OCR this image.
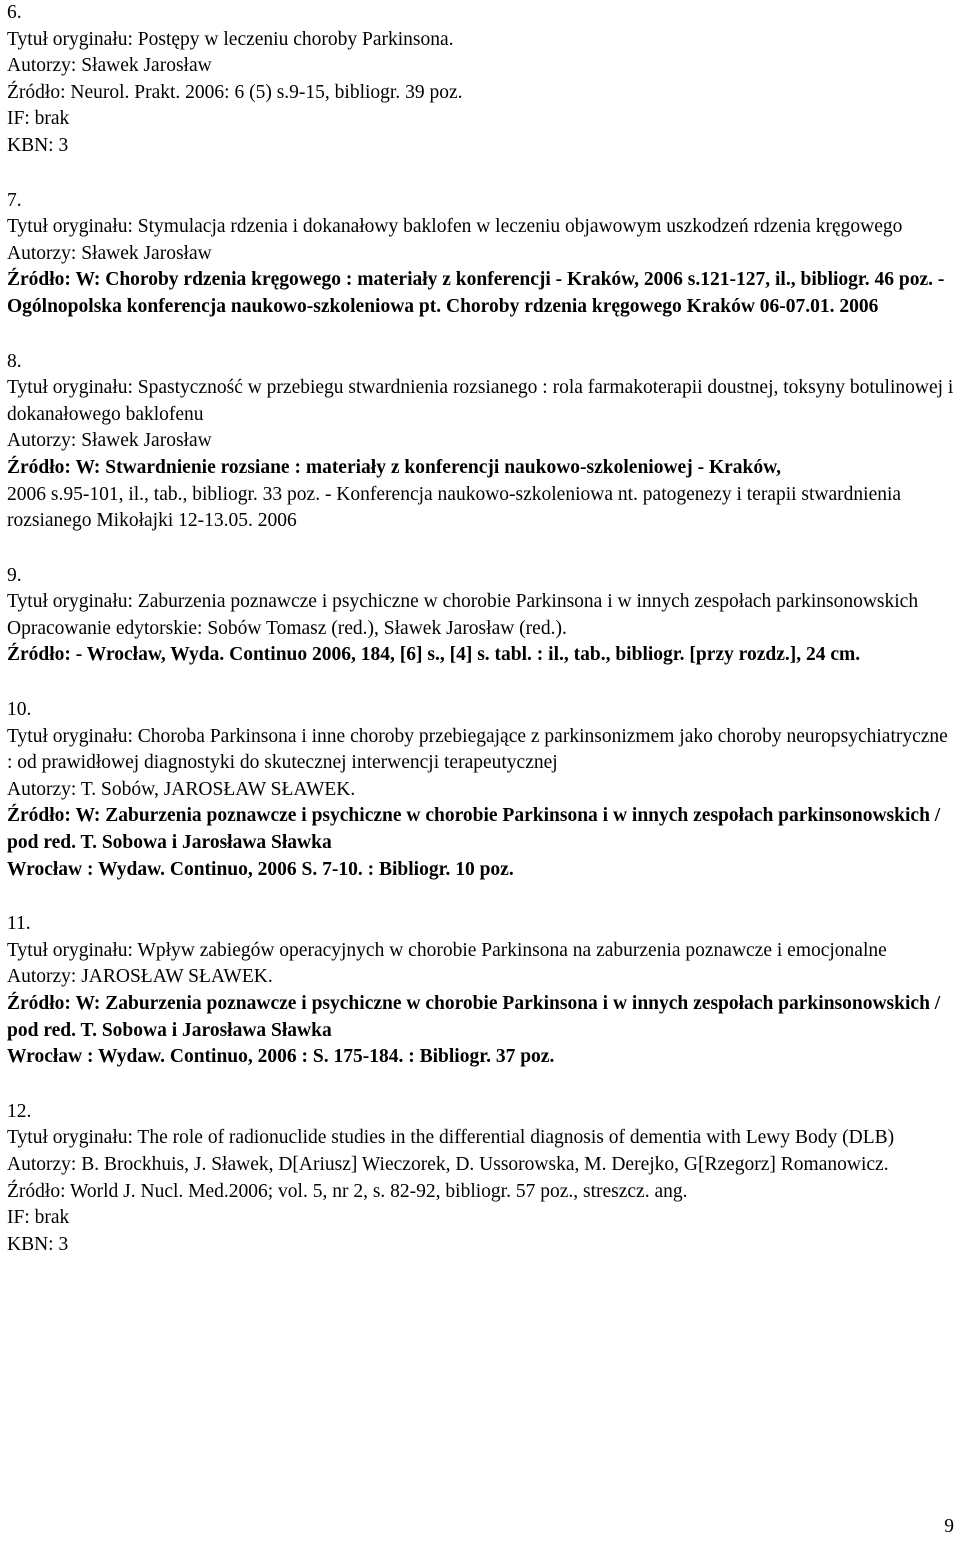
6.
Tytuł oryginału: Postępy w leczeniu choroby Parkinsona.
Autorzy: Sławek Jarosław
Źródło: Neurol. Prakt. 2006: 6 (5) s.9-15, bibliogr. 39 poz.
IF: brak
KBN: 3
7.
Tytuł oryginału: Stymulacja rdzenia i dokanałowy baklofen w leczeniu objawowym uszkodzeń rdzenia kręgowego
Autorzy: Sławek Jarosław
Źródło: W: Choroby rdzenia kręgowego : materiały z konferencji - Kraków, 2006 s.121-127, il., bibliogr. 46 poz. - Ogólnopolska konferencja naukowo-szkoleniowa pt. Choroby rdzenia kręgowego Kraków 06-07.01. 2006
8.
Tytuł oryginału: Spastyczność w przebiegu stwardnienia rozsianego : rola farmakoterapii doustnej, toksyny botulinowej i dokanałowego baklofenu
Autorzy: Sławek Jarosław
Źródło: W: Stwardnienie rozsiane : materiały z konferencji naukowo-szkoleniowej - Kraków,
2006 s.95-101, il., tab., bibliogr. 33 poz. - Konferencja naukowo-szkoleniowa nt. patogenezy i terapii stwardnienia rozsianego Mikołajki 12-13.05. 2006
9.
Tytuł oryginału: Zaburzenia poznawcze i psychiczne w chorobie Parkinsona i w innych zespołach parkinsonowskich
Opracowanie edytorskie: Sobów Tomasz (red.), Sławek Jarosław (red.).
Źródło: - Wrocław, Wyda. Continuo 2006, 184, [6] s., [4] s. tabl. : il., tab., bibliogr. [przy rozdz.], 24 cm.
10.
Tytuł oryginału: Choroba Parkinsona i inne choroby przebiegające z parkinsonizmem jako choroby neuropsychiatryczne : od prawidłowej diagnostyki do skutecznej interwencji terapeutycznej
Autorzy: T. Sobów, JAROSŁAW SŁAWEK.
Źródło: W: Zaburzenia poznawcze i psychiczne w chorobie Parkinsona i w innych zespołach parkinsonowskich / pod red. T. Sobowa i Jarosława Sławka
Wrocław : Wydaw. Continuo, 2006 S. 7-10. : Bibliogr. 10 poz.
11.
Tytuł oryginału: Wpływ zabiegów operacyjnych w chorobie Parkinsona na zaburzenia poznawcze i emocjonalne
Autorzy: JAROSŁAW SŁAWEK.
Źródło: W: Zaburzenia poznawcze i psychiczne w chorobie Parkinsona i w innych zespołach parkinsonowskich / pod red. T. Sobowa i Jarosława Sławka
Wrocław : Wydaw. Continuo, 2006 : S. 175-184. : Bibliogr. 37 poz.
12.
Tytuł oryginału: The role of radionuclide studies in the differential diagnosis of dementia with Lewy Body (DLB)
Autorzy: B. Brockhuis, J. Sławek, D[Ariusz] Wieczorek, D. Ussorowska, M. Derejko, G[Rzegorz] Romanowicz.
Źródło: World J. Nucl. Med.2006; vol. 5, nr 2, s. 82-92, bibliogr. 57 poz., streszcz. ang.
IF: brak
KBN: 3
9
